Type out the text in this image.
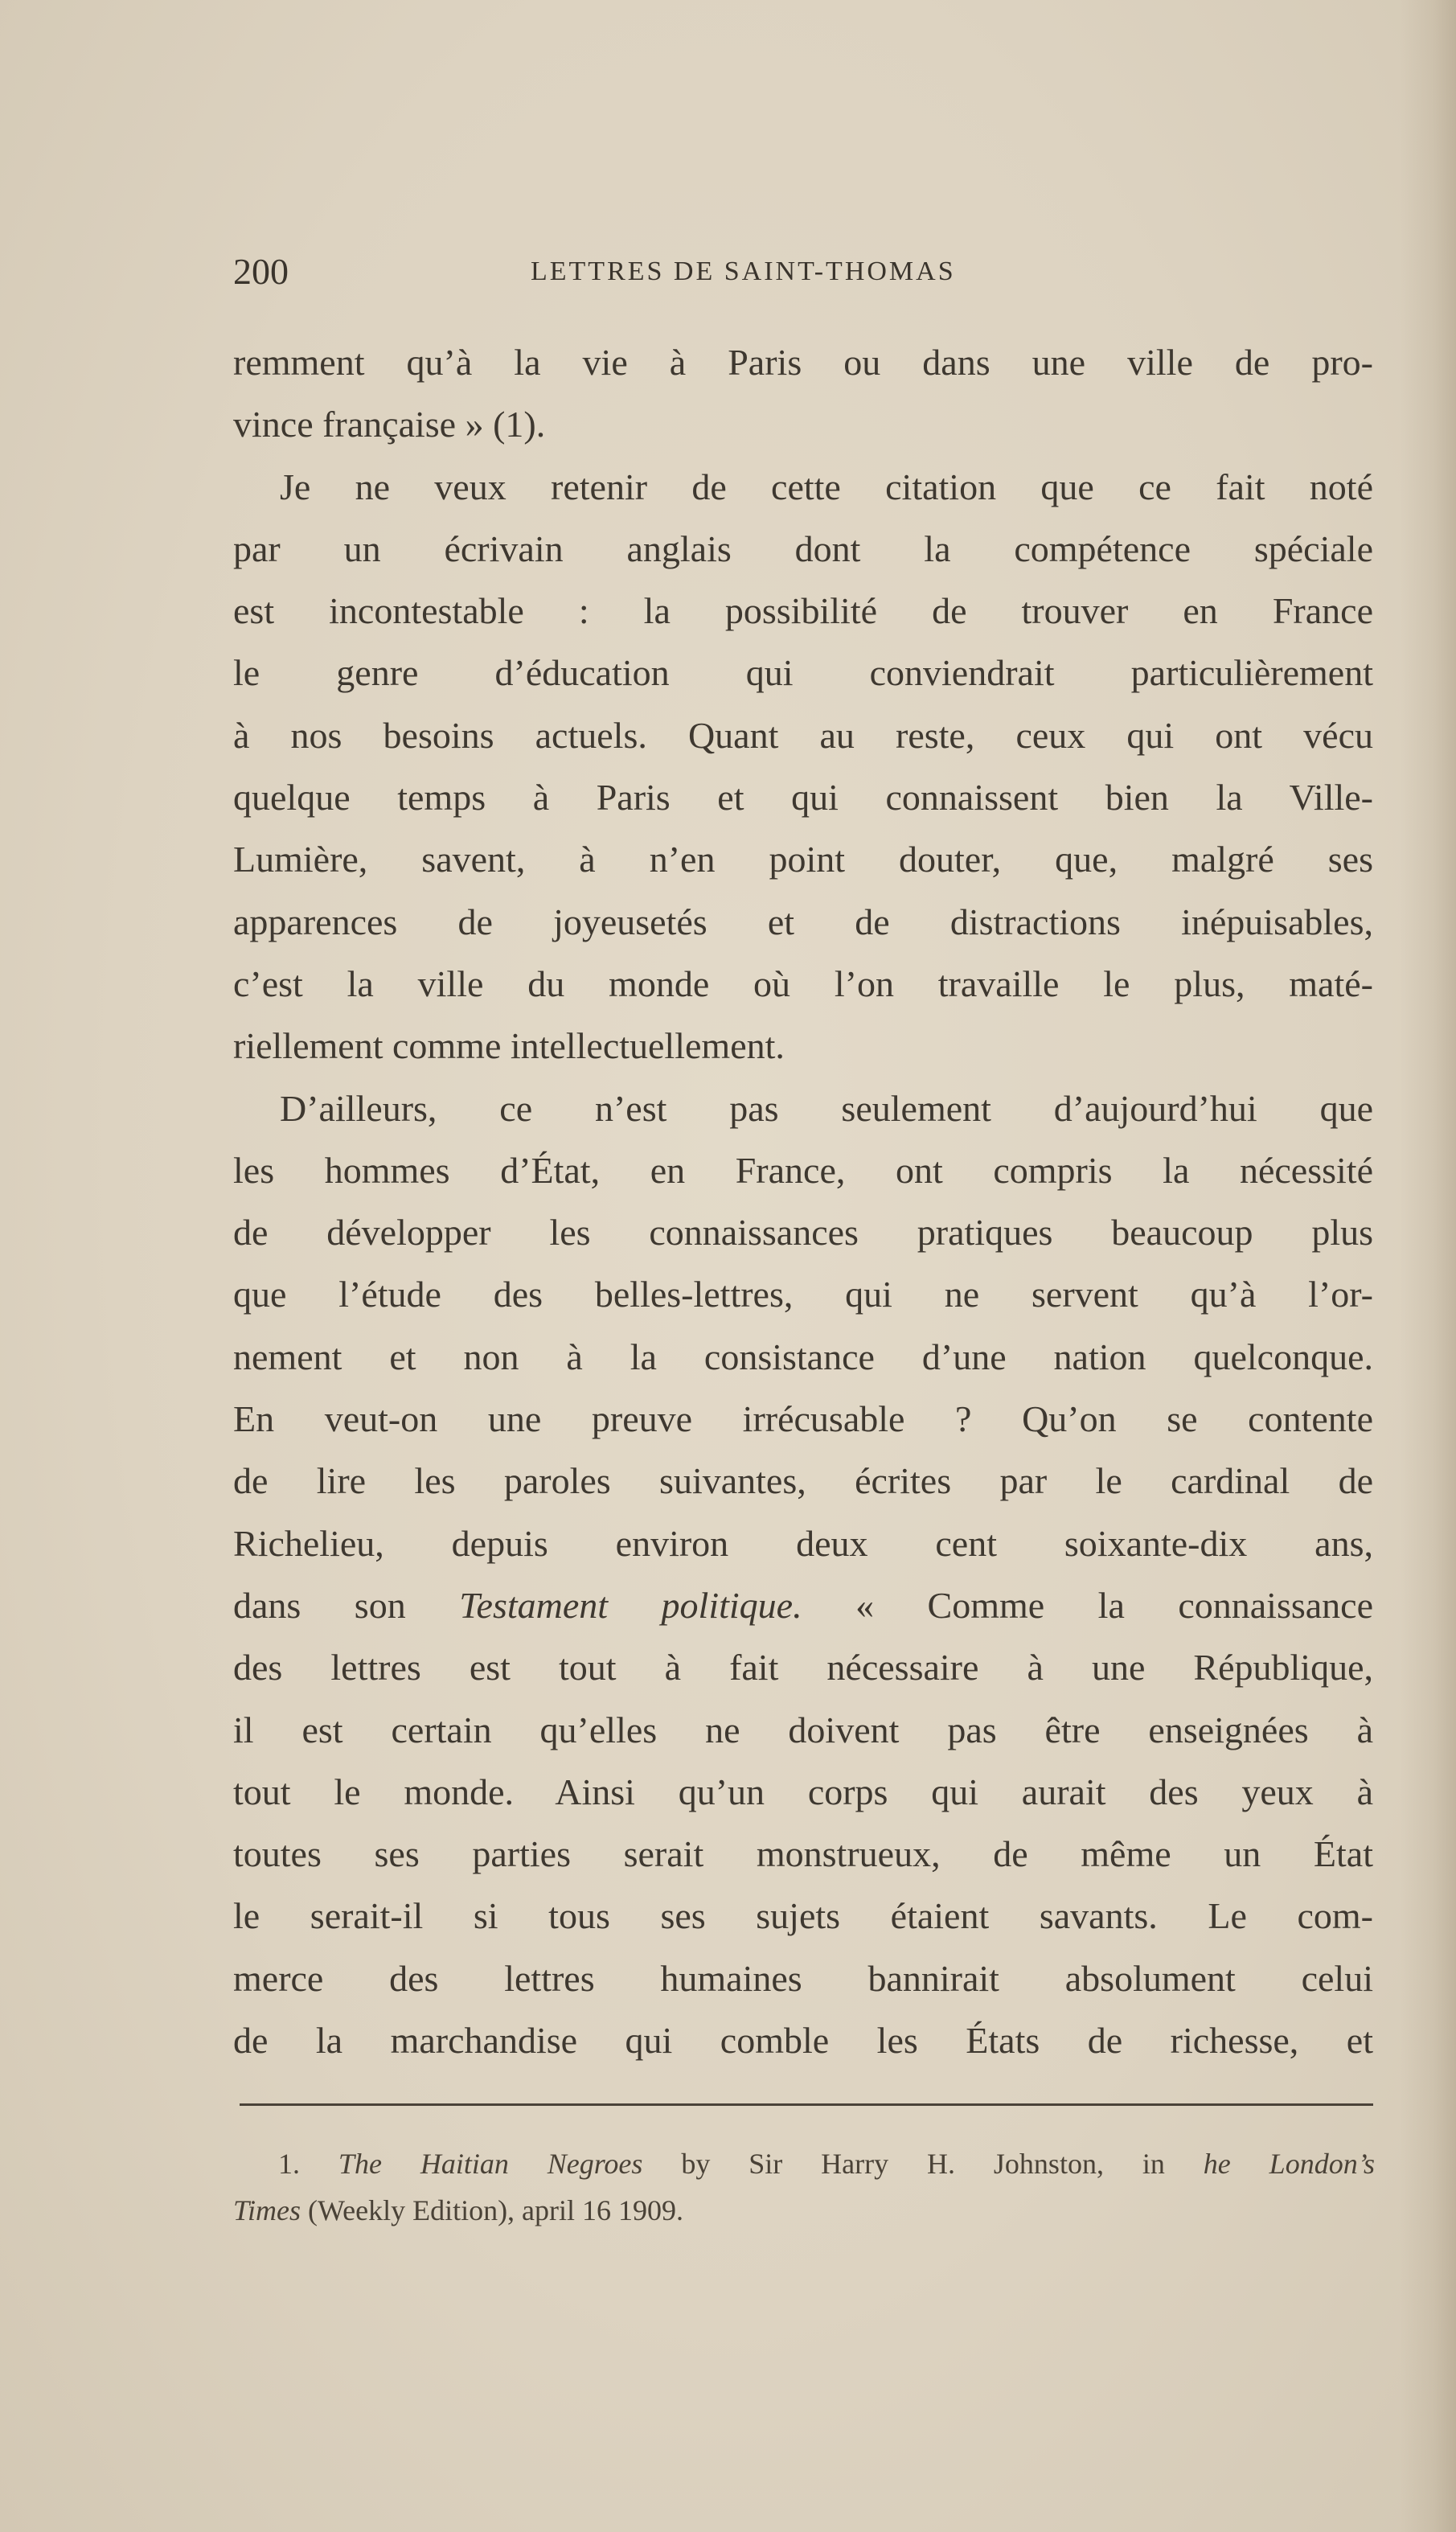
200	LETTRES DE SAINT-THOMAS
remment qu’à la vie à Paris ou dans une ville de pro-
vince française » (1).
Je ne veux retenir de cette citation que ce fait noté
par un écrivain anglais dont la compétence spéciale
est incontestable : la possibilité de trouver en France
le genre d’éducation qui conviendrait particulièrement
à nos besoins actuels. Quant au reste, ceux qui ont vécu
quelque temps à Paris et qui connaissent bien la Ville-
Lumière, savent, à n’en point douter, que, malgré ses
apparences de joyeusetés et de distractions inépuisables,
c’est la ville du monde où l’on travaille le plus, maté-
riellement comme intellectuellement.
D’ailleurs, ce n’est pas seulement d’aujourd’hui que
les hommes d’État, en France, ont compris la nécessité
de développer les connaissances pratiques beaucoup plus
que l’étude des belles-lettres, qui ne servent qu’à l’or-
nement et non à la consistance d’une nation quelconque.
En veut-on une preuve irrécusable ? Qu’on se contente
de lire les paroles suivantes, écrites par le cardinal de
Richelieu, depuis environ deux cent soixante-dix ans,
dans son Testament politique. « Comme la connaissance
des lettres est tout à fait nécessaire à une République,
il est certain qu’elles ne doivent pas être enseignées à
tout le monde. Ainsi qu’un corps qui aurait des yeux à
toutes ses parties serait monstrueux, de même un État
le serait-il si tous ses sujets étaient savants. Le com-
merce des lettres humaines bannirait absolument celui
de la marchandise qui comble les États de richesse, et
1. The Haitian Negroes by Sir Harry H. Johnston, in he London’s
Times (Weekly Edition), april 16 1909.
